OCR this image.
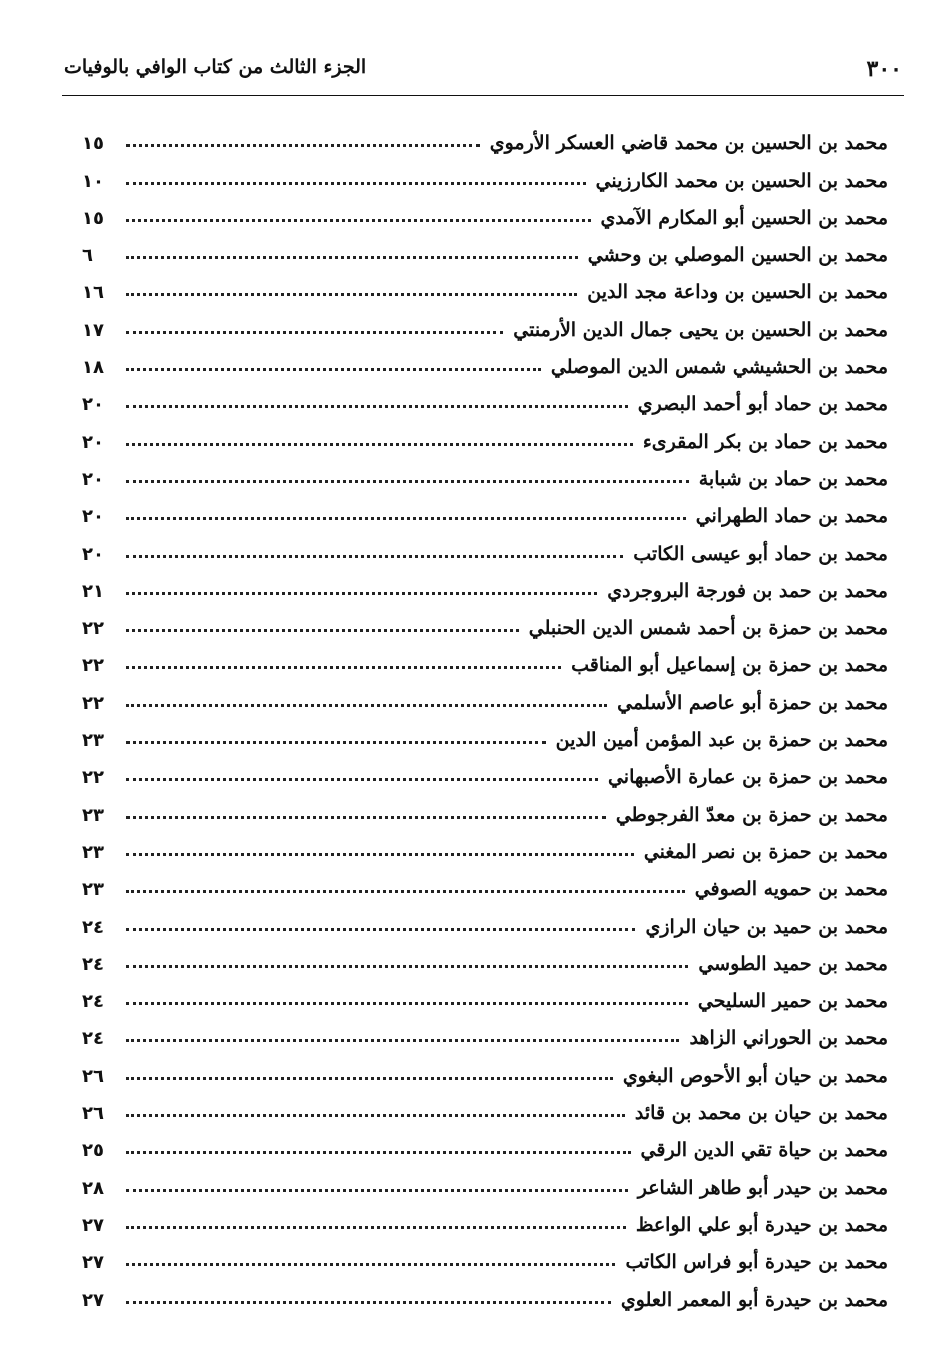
٣٠٠
الجزء الثالث من كتاب الوافي بالوفيات
محمد بن الحسين بن محمد قاضي العسكر الأرموي
١٥
محمد بن الحسين بن محمد الكارزيني
١٠
محمد بن الحسين أبو المكارم الآمدي
١٥
محمد بن الحسين الموصلي بن وحشي
٦
محمد بن الحسين بن وداعة مجد الدين
١٦
محمد بن الحسين بن يحيى جمال الدين الأرمنتي
١٧
محمد بن الحشيشي شمس الدين الموصلي
١٨
محمد بن حماد أبو أحمد البصري
٢٠
محمد بن حماد بن بكر المقرىء
٢٠
محمد بن حماد بن شبابة
٢٠
محمد بن حماد الطهراني
٢٠
محمد بن حماد أبو عيسى الكاتب
٢٠
محمد بن حمد بن فورجة البروجردي
٢١
محمد بن حمزة بن أحمد شمس الدين الحنبلي
٢٢
محمد بن حمزة بن إسماعيل أبو المناقب
٢٢
محمد بن حمزة أبو عاصم الأسلمي
٢٢
محمد بن حمزة بن عبد المؤمن أمين الدين
٢٣
محمد بن حمزة بن عمارة الأصبهاني
٢٢
محمد بن حمزة بن معدّ الفرجوطي
٢٣
محمد بن حمزة بن نصر المغني
٢٣
محمد بن حمويه الصوفي
٢٣
محمد بن حميد بن حيان الرازي
٢٤
محمد بن حميد الطوسي
٢٤
محمد بن حمير السليحي
٢٤
محمد بن الحوراني الزاهد
٢٤
محمد بن حيان أبو الأحوص البغوي
٢٦
محمد بن حيان بن محمد بن قائد
٢٦
محمد بن حياة تقي الدين الرقي
٢٥
محمد بن حيدر أبو طاهر الشاعر
٢٨
محمد بن حيدرة أبو علي الواعظ
٢٧
محمد بن حيدرة أبو فراس الكاتب
٢٧
محمد بن حيدرة أبو المعمر العلوي
٢٧
